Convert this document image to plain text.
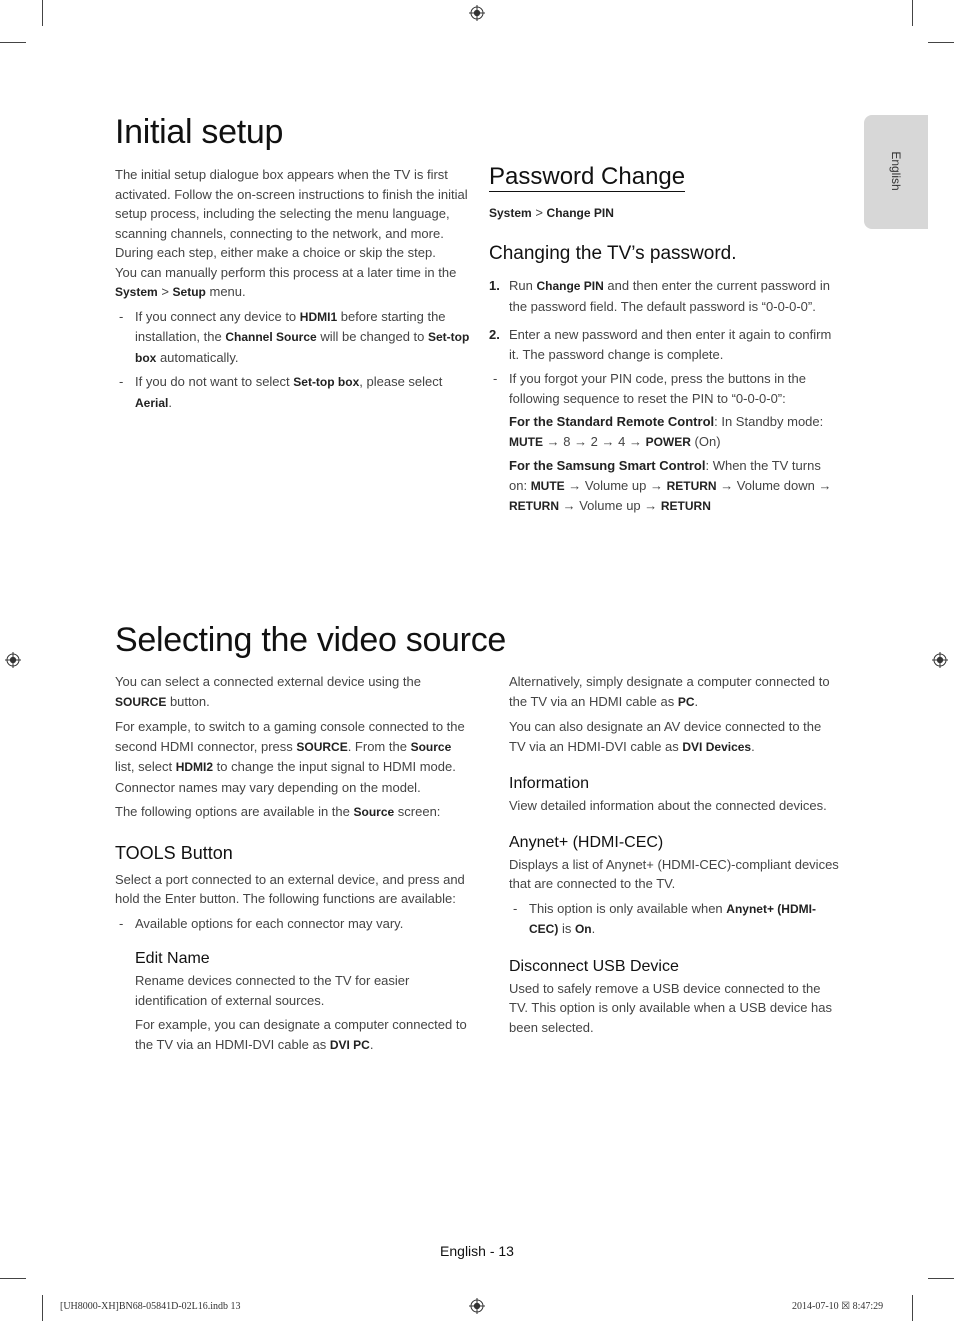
English
Initial setup

The initial setup dialogue box appears when the TV is first

activated. Follow the on-screen instructions to finish the initial

setup process, including the selecting the menu language,

scanning channels, connecting to the network, and more.

During each step, either make a choice or skip the step.

You can manually perform this process at a later time in the
System > Setup menu.

- If you connect any device to HDMI1 before starting the installation, the Channel Source will be changed to Set-top box automatically.

- If you do not want to select Set-top box, please select Aerial.

Password Change

System > Change PIN

Changing the TV’s password.

1. Run Change PIN and then enter the current password in the password field. The default password is “0-0-0-0”.

2. Enter a new password and then enter it again to confirm it. The password change is complete.

- If you forgot your PIN code, press the buttons in the following sequence to reset the PIN to “0-0-0-0”:

For the Standard Remote Control: In Standby mode:
MUTE → 8 → 2 → 4 → POWER (On)

For the Samsung Smart Control: When the TV turns on: MUTE → Volume up → RETURN → Volume down → RETURN → Volume up → RETURN

Selecting the video source

You can select a connected external device using the SOURCE button.

For example, to switch to a gaming console connected to the second HDMI connector, press SOURCE. From the Source list, select HDMI2 to change the input signal to HDMI mode. Connector names may vary depending on the model.

The following options are available in the Source screen:

TOOLS Button

Select a port connected to an external device, and press and hold the Enter button. The following functions are available:

- Available options for each connector may vary.

Edit Name

Rename devices connected to the TV for easier identification of external sources.

For example, you can designate a computer connected to the TV via an HDMI-DVI cable as DVI PC.

Alternatively, simply designate a computer connected to the TV via an HDMI cable as PC.

You can also designate an AV device connected to the TV via an HDMI-DVI cable as DVI Devices.

Information

View detailed information about the connected devices.

Anynet+ (HDMI-CEC)

Displays a list of Anynet+ (HDMI-CEC)-compliant devices that are connected to the TV.

- This option is only available when Anynet+ (HDMI-CEC) is On.

Disconnect USB Device

Used to safely remove a USB device connected to the TV. This option is only available when a USB device has been selected.

English - 13
[UH8000-XH]BN68-05841D-02L16.indb 13	2014-07-10 ☒ 8:47:29
